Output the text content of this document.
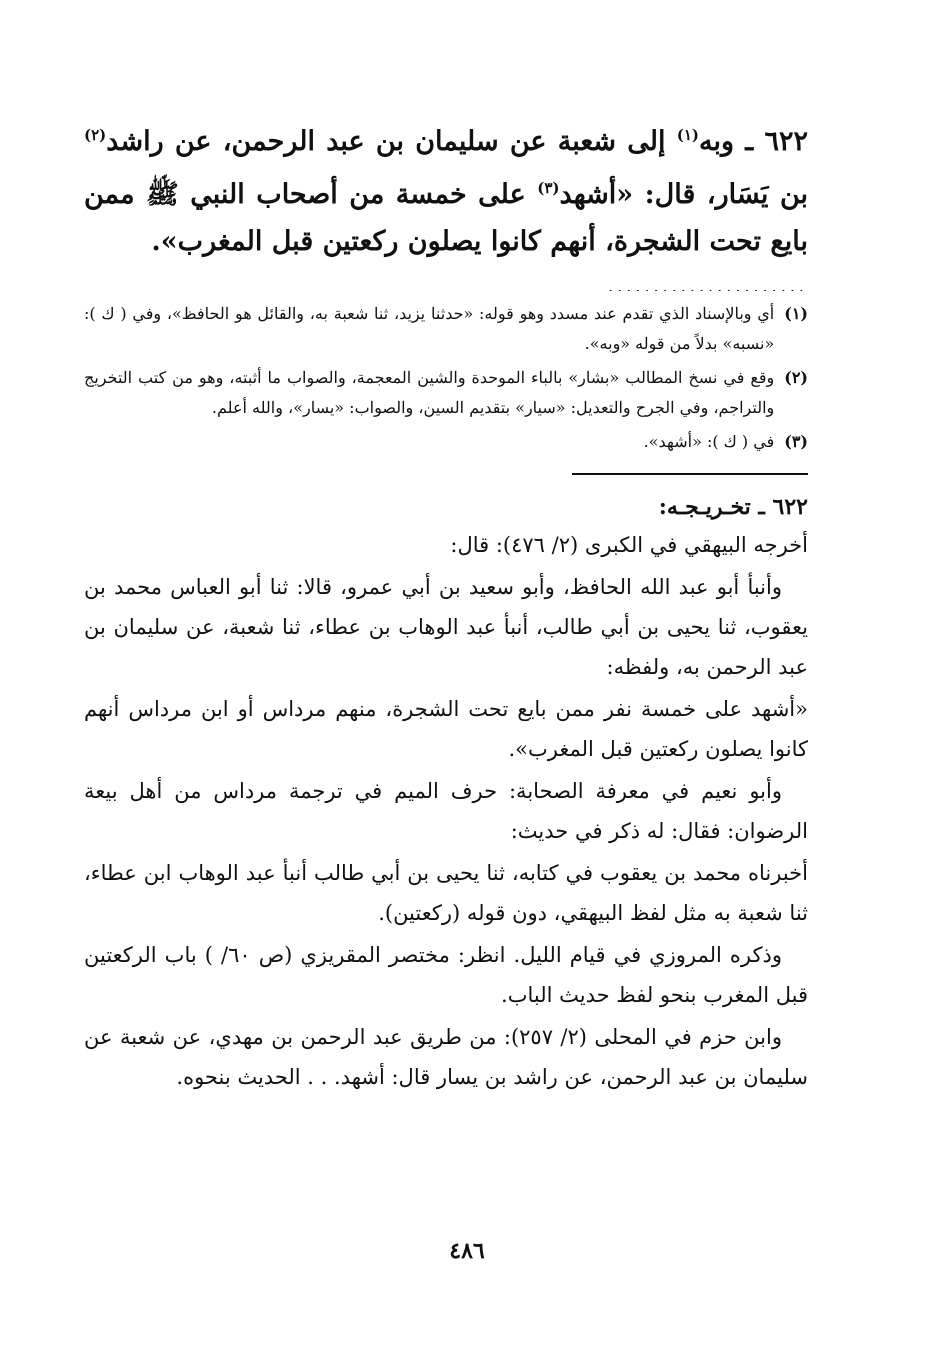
٦٢٢ ـ وبه$^{(١)}$ إلى شعبة عن سليمان بن عبد الرحمن، عن راشد$^{(٢)}$ بن يَسَار، قال: «أشهد$^{(٣)}$ على خمسة من أصحاب النبي ﷺ ممن بايع تحت الشجرة، أنهم كانوا يصلون ركعتين قبل المغرب».
......................
(١)
أي وبالإسناد الذي تقدم عند مسدد وهو قوله: «حدثنا يزيد، ثنا شعبة به، والقائل هو الحافظ»، وفي ( ك ): «نسبه» بدلاً من قوله «وبه».
(٢)
وقع في نسخ المطالب «بشار» بالباء الموحدة والشين المعجمة، والصواب ما أثبته، وهو من كتب التخريج والتراجم، وفي الجرح والتعديل: «سيار» بتقديم السين، والصواب: «يسار»، والله أعلم.
(٣)
في ( ك ): «أشهد».
٦٢٢ ـ تخـريـجـه:

أخرجه البيهقي في الكبرى (٢/ ٤٧٦): قال:

وأنبأ أبو عبد الله الحافظ، وأبو سعيد بن أبي عمرو، قالا: ثنا أبو العباس محمد بن يعقوب، ثنا يحيى بن أبي طالب، أنبأ عبد الوهاب بن عطاء، ثنا شعبة، عن سليمان بن عبد الرحمن به، ولفظه:

«أشهد على خمسة نفر ممن بايع تحت الشجرة، منهم مرداس أو ابن مرداس أنهم كانوا يصلون ركعتين قبل المغرب».

وأبو نعيم في معرفة الصحابة: حرف الميم في ترجمة مرداس من أهل بيعة الرضوان: فقال: له ذكر في حديث:

أخبرناه محمد بن يعقوب في كتابه، ثنا يحيى بن أبي طالب أنبأ عبد الوهاب ابن عطاء، ثنا شعبة به مثل لفظ البيهقي، دون قوله (ركعتين).

وذكره المروزي في قيام الليل. انظر: مختصر المقريزي (ص ٦٠/ ) باب الركعتين قبل المغرب بنحو لفظ حديث الباب.

وابن حزم في المحلى (٢/ ٢٥٧): من طريق عبد الرحمن بن مهدي، عن شعبة عن سليمان بن عبد الرحمن، عن راشد بن يسار قال: أشهد. . . الحديث بنحوه.

٤٨٦
